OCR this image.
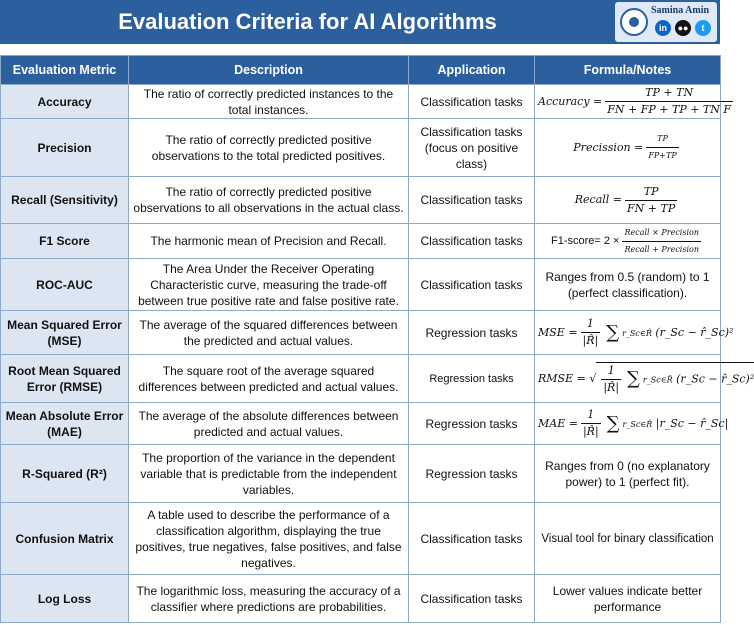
Evaluation Criteria for AI Algorithms	Samina Amin
in	●●	t
Evaluation Metric	Description	Application	Formula/Notes
Accuracy	The ratio of correctly predicted instances to the total instances.	Classification tasks	Accuracy = $\frac{TP + TN}{\text{FN + FP + TP + TN F}}$

Precision	The ratio of correctly predicted positive observations to the total predicted positives.	Classification tasks (focus on positive class)	Precission = $\frac{TP}{FP+TP}$

Recall (Sensitivity)	The ratio of correctly predicted positive observations to all observations in the actual class.	Classification tasks	Recall = $\frac{TP}{FN + TP}$

F1 Score	The harmonic mean of Precision and Recall.	Classification tasks	F1-score= $2 \times \frac{\text{Recall × Precision}}{\text{Recall + Precision}}$

ROC-AUC	The Area Under the Receiver Operating Characteristic curve, measuring the trade-off between true positive rate and false positive rate.	Classification tasks	Ranges from 0.5 (random) to 1 (perfect classification).
Mean Squared Error (MSE)	The average of the squared differences between the predicted and actual values.	Regression tasks	MSE = $\frac{1}{|R̂|}$ ∑ r_Sc∈R̂ (r_Sc − r̂_Sc)²
Root Mean Squared Error (RMSE)	The square root of the average squared differences between predicted and actual values.	Regression tasks	RMSE = √ $\frac{1}{|R̂|}$ ∑ r_Sc∈R̂ (r_Sc − r̂_Sc)²
Mean Absolute Error (MAE)	The average of the absolute differences between predicted and actual values.	Regression tasks	MAE = $\frac{1}{|R̂|}$ ∑ r_Sc∈R̂ |r_Sc − r̂_Sc|
R-Squared (R²)	The proportion of the variance in the dependent variable that is predictable from the independent variables.	Regression tasks	Ranges from 0 (no explanatory power) to 1 (perfect fit).
Confusion Matrix	A table used to describe the performance of a classification algorithm, displaying the true positives, true negatives, false positives, and false negatives.	Classification tasks	Visual tool for binary classification
Log Loss	The logarithmic loss, measuring the accuracy of a classifier where predictions are probabilities.	Classification tasks	Lower values indicate better performance
